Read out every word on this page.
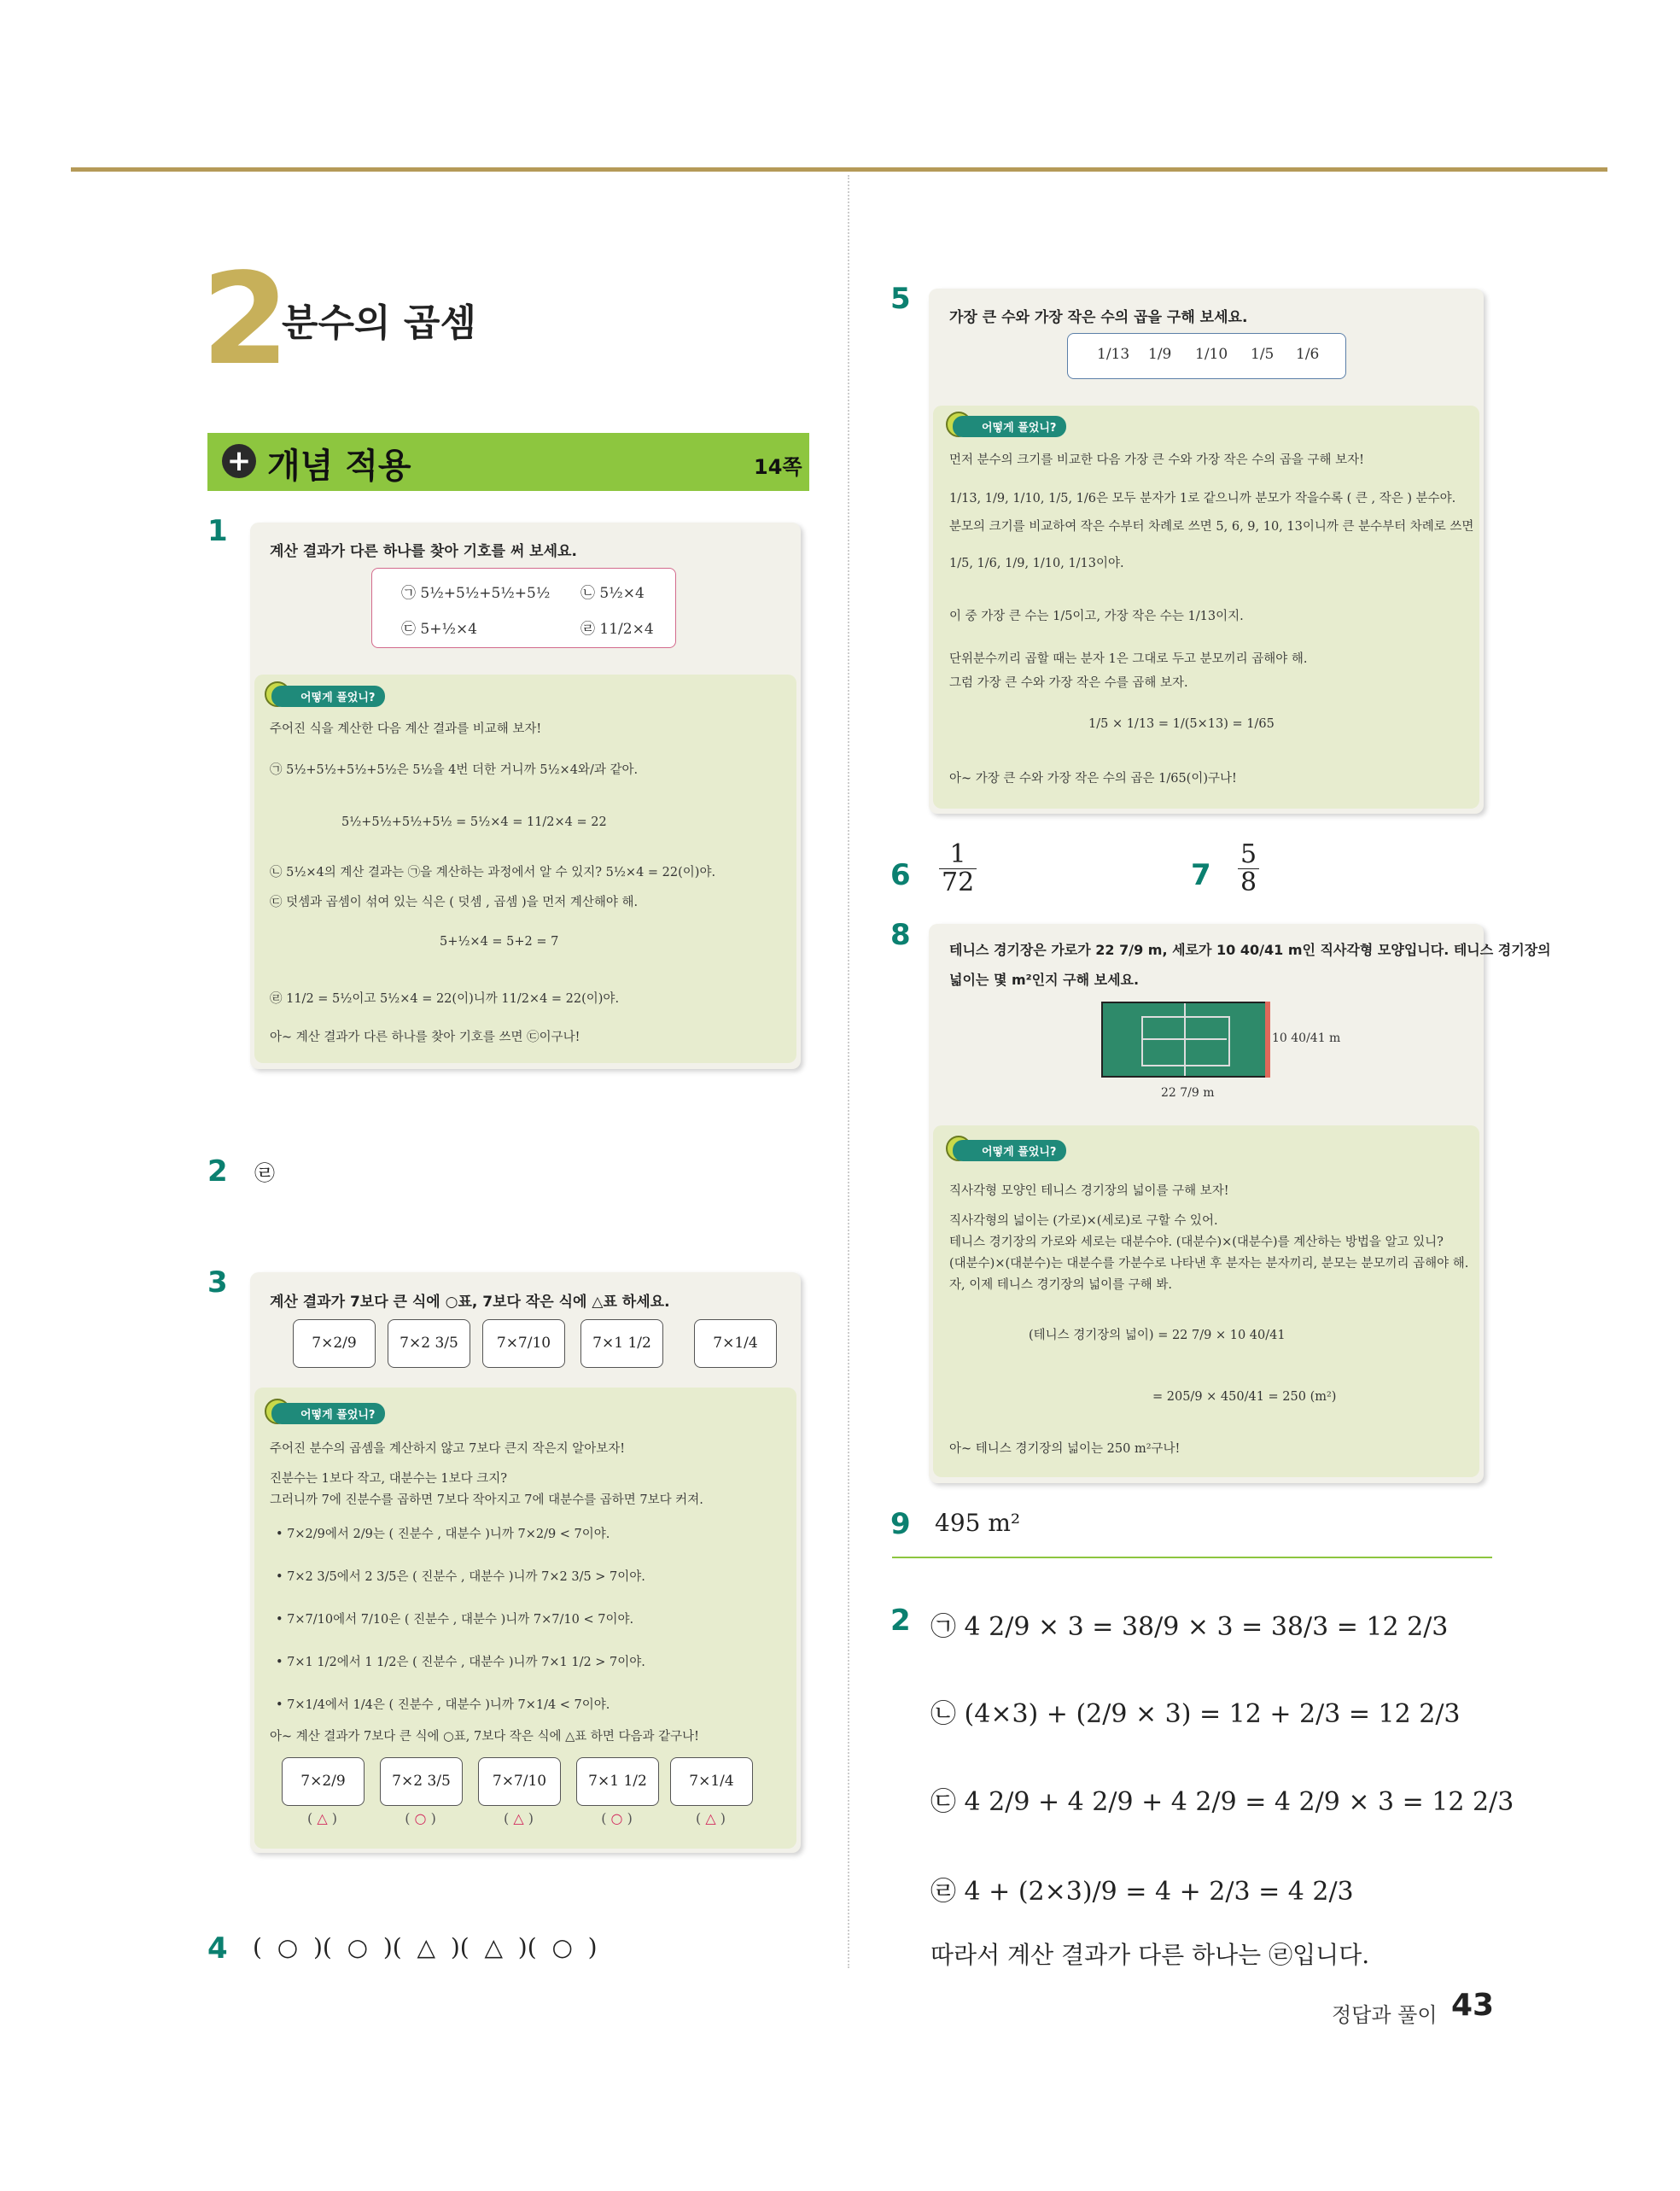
2
분수의 곱셈
+ 개념 적용	14쪽
1
계산 결과가 다른 하나를 찾아 기호를 써 보세요.
㉠ 5½+5½+5½+5½ ㉡ 5½×4
㉢ 5+½×4	㉣ 11/2×4
어떻게 풀었니?
주어진 식을 계산한 다음 계산 결과를 비교해 보자!
㉠ 5½+5½+5½+5½은 5½을 4번 더한 거니까 5½×4와/과 같아.
5½+5½+5½+5½ = 5½×4 = 11/2×4 = 22
㉡ 5½×4의 계산 결과는 ㉠을 계산하는 과정에서 알 수 있지? 5½×4 = 22(이)야.
㉢ 덧셈과 곱셈이 섞여 있는 식은 ( 덧셈 , 곱셈 )을 먼저 계산해야 해.
5+½×4 = 5+2 = 7
㉣ 11/2 = 5½이고 5½×4 = 22(이)니까 11/2×4 = 22(이)야.
아~ 계산 결과가 다른 하나를 찾아 기호를 쓰면 ㉢이구나!
2 ㉣
3
계산 결과가 7보다 큰 식에 ○표, 7보다 작은 식에 △표 하세요.
7×2/9	7×2 3/5	7×7/10	7×1 1/2	7×1/4
어떻게 풀었니?
주어진 분수의 곱셈을 계산하지 않고 7보다 큰지 작은지 알아보자!
진분수는 1보다 작고, 대분수는 1보다 크지?
그러니까 7에 진분수를 곱하면 7보다 작아지고 7에 대분수를 곱하면 7보다 커져.
• 7×2/9에서 2/9는 ( 진분수 , 대분수 )니까 7×2/9 < 7이야.
• 7×2 3/5에서 2 3/5은 ( 진분수 , 대분수 )니까 7×2 3/5 > 7이야.
• 7×7/10에서 7/10은 ( 진분수 , 대분수 )니까 7×7/10 < 7이야.
• 7×1 1/2에서 1 1/2은 ( 진분수 , 대분수 )니까 7×1 1/2 > 7이야.
• 7×1/4에서 1/4은 ( 진분수 , 대분수 )니까 7×1/4 < 7이야.
아~ 계산 결과가 7보다 큰 식에 ○표, 7보다 작은 식에 △표 하면 다음과 같구나!
7×2/9	7×2 3/5	7×7/10	7×1 1/2	7×1/4
( △ )	( ○ )	( △ )	( ○ )	( △ )
4 (  ○  )(  ○  )(  △  )(  △  )(  ○  )
5
가장 큰 수와 가장 작은 수의 곱을 구해 보세요.
1/13 1/9 1/10 1/5 1/6
어떻게 풀었니?
먼저 분수의 크기를 비교한 다음 가장 큰 수와 가장 작은 수의 곱을 구해 보자!
1/13, 1/9, 1/10, 1/5, 1/6은 모두 분자가 1로 같으니까 분모가 작을수록 ( 큰 , 작은 ) 분수야.
분모의 크기를 비교하여 작은 수부터 차례로 쓰면 5, 6, 9, 10, 13이니까 큰 분수부터 차례로 쓰면
1/5, 1/6, 1/9, 1/10, 1/13이야.
이 중 가장 큰 수는 1/5이고, 가장 작은 수는 1/13이지.
단위분수끼리 곱할 때는 분자 1은 그대로 두고 분모끼리 곱해야 해.
그럼 가장 큰 수와 가장 작은 수를 곱해 보자.
1/5 × 1/13 = 1/(5×13) = 1/65
아~ 가장 큰 수와 가장 작은 수의 곱은 1/65(이)구나!
$6 \frac{1}{72}$	$7 \frac{5}{8}$
8	테니스 경기장은 가로가 22 7/9 m, 세로가 10 40/41 m인 직사각형 모양입니다. 테니스 경기장의
넓이는 몇 m²인지 구해 보세요.
10 40/41 m
22 7/9 m
어떻게 풀었니?
직사각형 모양인 테니스 경기장의 넓이를 구해 보자!
직사각형의 넓이는 (가로)×(세로)로 구할 수 있어.
테니스 경기장의 가로와 세로는 대분수야. (대분수)×(대분수)를 계산하는 방법을 알고 있니?
(대분수)×(대분수)는 대분수를 가분수로 나타낸 후 분자는 분자끼리, 분모는 분모끼리 곱해야 해.
자, 이제 테니스 경기장의 넓이를 구해 봐.
(테니스 경기장의 넓이) = 22 7/9 × 10 40/41
= 205/9 × 450/41 = 250 (m²)
아~ 테니스 경기장의 넓이는 250 m²구나!
9 495 m²
2 ㉠ 4 2/9 × 3 = 38/9 × 3 = 38/3 = 12 2/3
㉡ (4×3) + (2/9 × 3) = 12 + 2/3 = 12 2/3
㉢ 4 2/9 + 4 2/9 + 4 2/9 = 4 2/9 × 3 = 12 2/3
㉣ 4 + (2×3)/9 = 4 + 2/3 = 4 2/3
따라서 계산 결과가 다른 하나는 ㉣입니다.
정답과 풀이 43
